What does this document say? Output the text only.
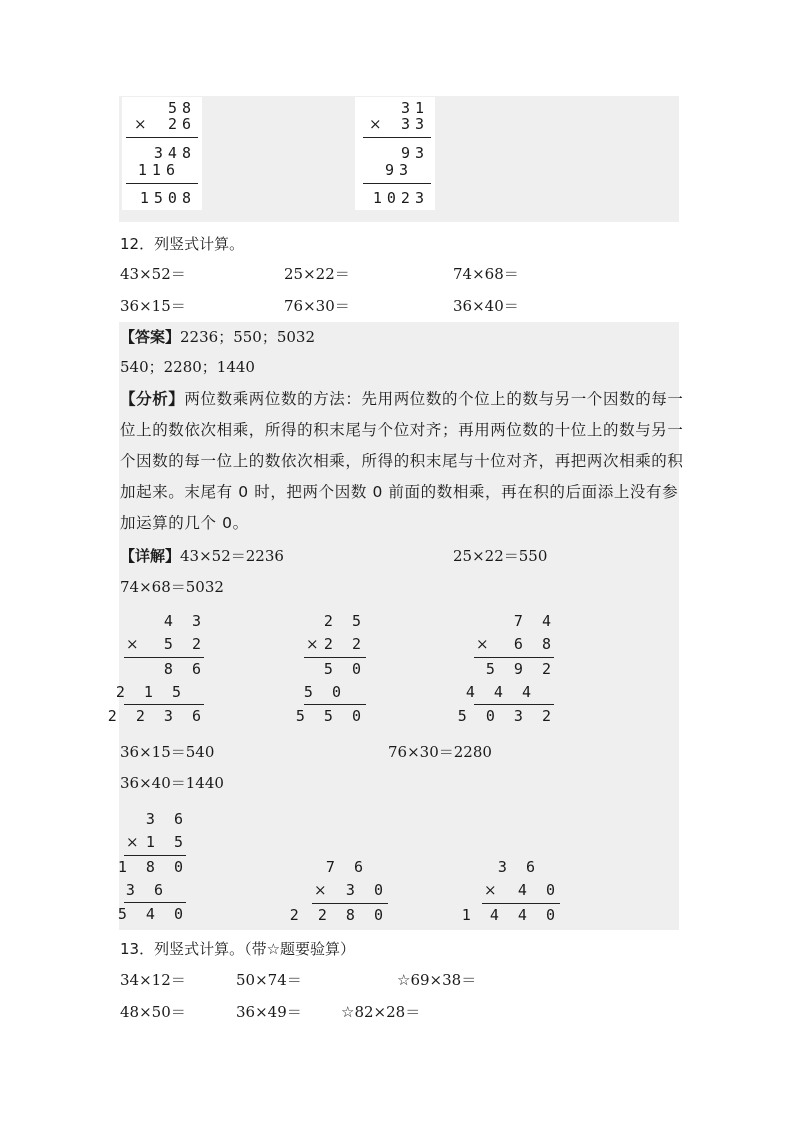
58
× 26
348
116
1508
31
× 33
93
93
1023
12．列竖式计算。
43×52＝	25×22＝	74×68＝
36×15＝	76×30＝	36×40＝
【答案】2236；550；5032
540；2280；1440
【分析】两位数乘两位数的方法：先用两位数的个位上的数与另一个因数的每一位上的数依次相乘，所得的积末尾与个位对齐；再用两位数的十位上的数与另一个因数的每一位上的数依次相乘，所得的积末尾与十位对齐，再把两次相乘的积加起来。末尾有 0 时，把两个因数 0 前面的数相乘，再在积的后面添上没有参加运算的几个 0。
【详解】43×52＝2236	25×22＝550
74×68＝5032
4 3
× 5 2
8 6
2 1 5
2 2 3 6
2 5
× 2 2
5 0
5 0
5 5 0
7 4
× 6 8
5 9 2
4 4 4
5 0 3 2
36×15＝540	76×30＝2280
36×40＝1440
3 6
× 1 5
1 8 0
3 6
5 4 0
7 6
× 3 0
2 2 8 0
3 6
× 4 0
1 4 4 0
13．列竖式计算。（带☆题要验算）
34×12＝	50×74＝	☆69×38＝
48×50＝	36×49＝	☆82×28＝
